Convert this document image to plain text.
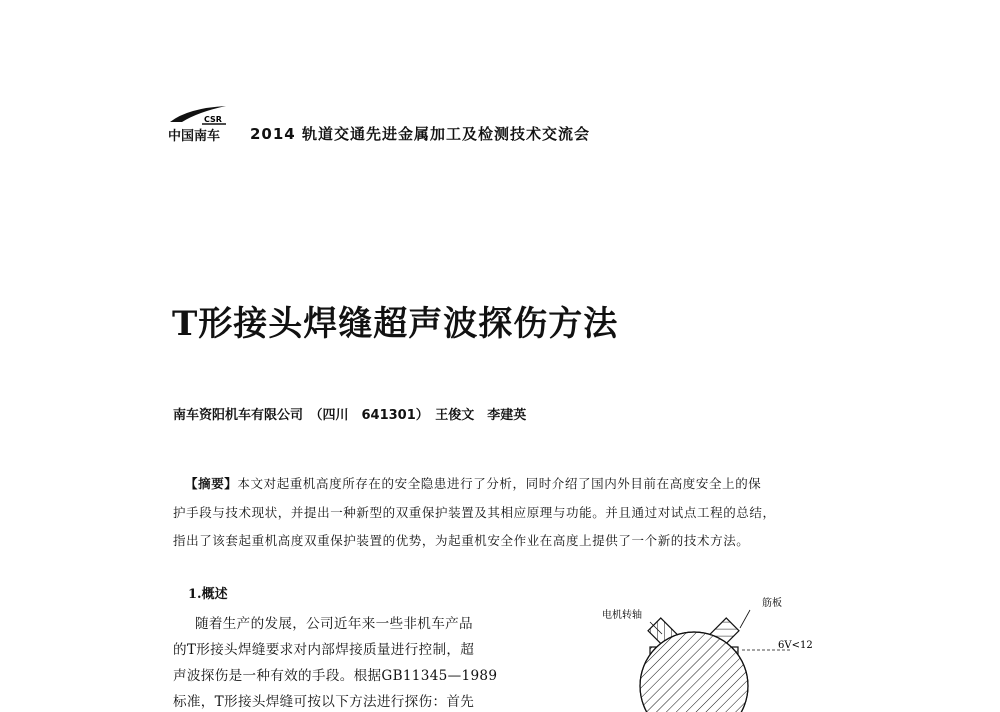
CSR
中国南车 2014 轨道交通先进金属加工及检测技术交流会
T形接头焊缝超声波探伤方法
南车资阳机车有限公司　（四川　641301）　王俊文　李建英
【摘要】本文对起重机高度所存在的安全隐患进行了分析，同时介绍了国内外目前在高度安全上的保
护手段与技术现状，并提出一种新型的双重保护装置及其相应原理与功能。并且通过对试点工程的总结，
指出了该套起重机高度双重保护装置的优势，为起重机安全作业在高度上提供了一个新的技术方法。
1.概述
随着生产的发展，公司近年来一些非机车产品
的T形接头焊缝要求对内部焊接质量进行控制，超
声波探伤是一种有效的手段。根据GB11345—1989
标准，T形接头焊缝可按以下方法进行探伤：首先
电机转轴
筋板
6V<12
